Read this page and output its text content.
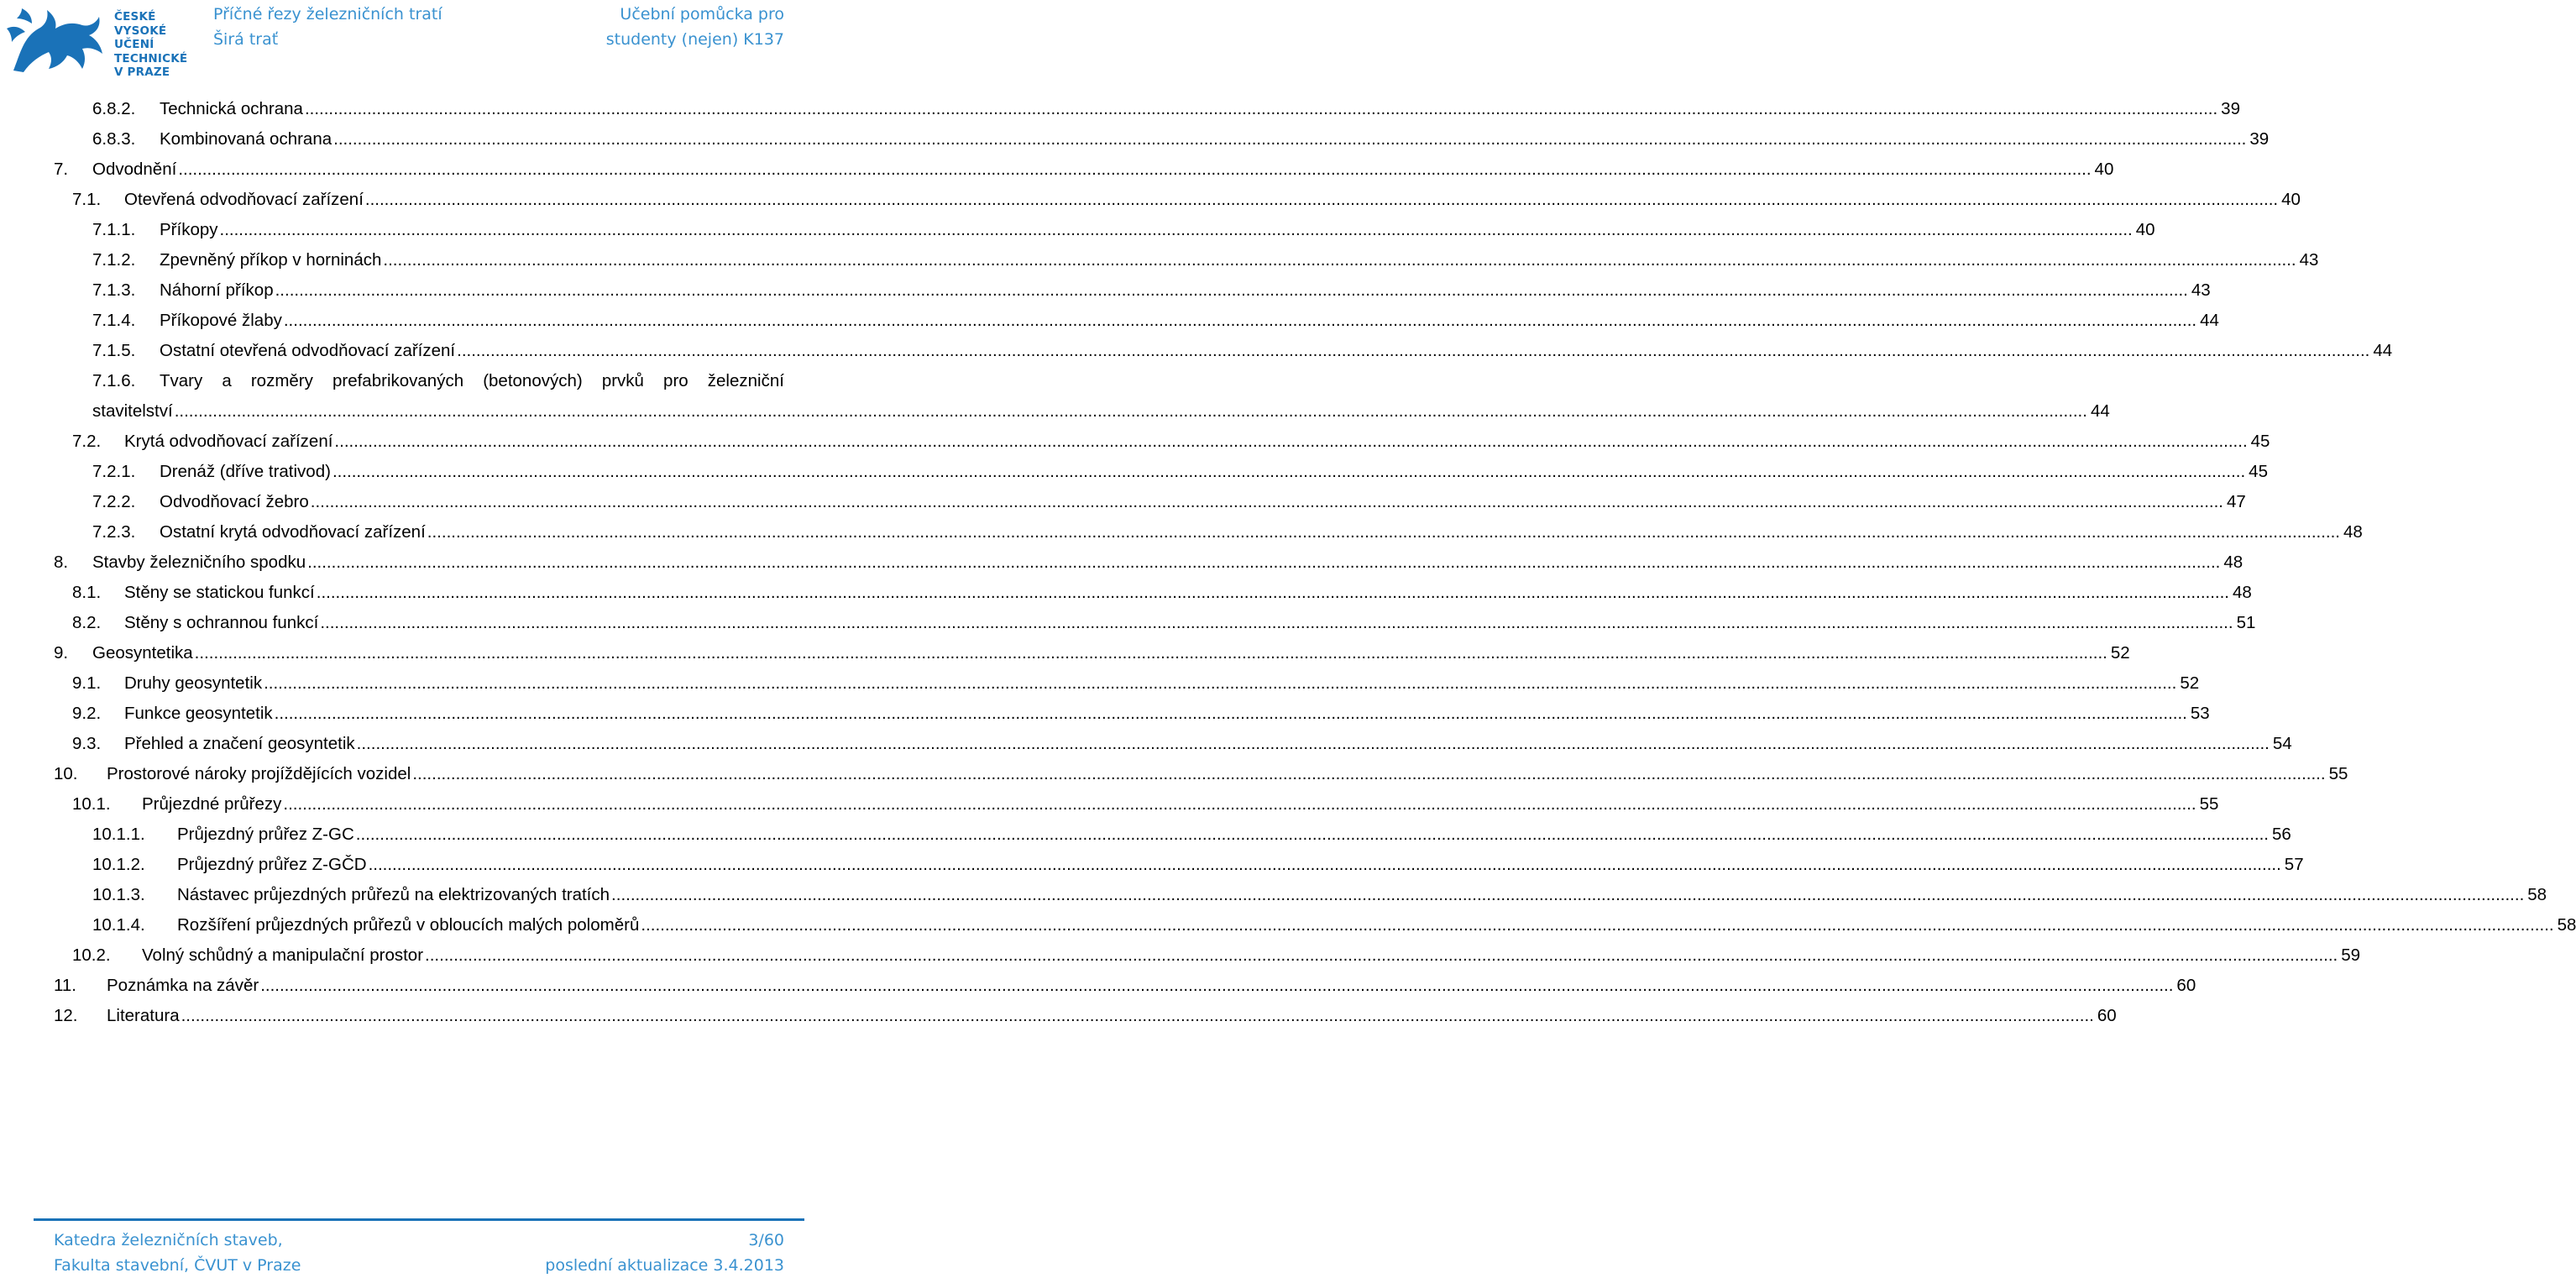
ČESKÉ
VYSOKÉ
UČENÍ
TECHNICKÉ
V PRAZE
Příčné řezy železničních tratí
Širá trať
Učební pomůcka pro
studenty (nejen) K137
6.8.2. Technická ochrana ................................................................................................................................................................................................................................................................................................................................................................................................................ 39
6.8.3. Kombinovaná ochrana ................................................................................................................................................................................................................................................................................................................................................................................................................ 39
7. Odvodnění ................................................................................................................................................................................................................................................................................................................................................................................................................ 40
7.1. Otevřená odvodňovací zařízení ................................................................................................................................................................................................................................................................................................................................................................................................................ 40
7.1.1. Příkopy ................................................................................................................................................................................................................................................................................................................................................................................................................ 40
7.1.2. Zpevněný příkop v horninách ................................................................................................................................................................................................................................................................................................................................................................................................................ 43
7.1.3. Náhorní příkop ................................................................................................................................................................................................................................................................................................................................................................................................................ 43
7.1.4. Příkopové žlaby ................................................................................................................................................................................................................................................................................................................................................................................................................ 44
7.1.5. Ostatní otevřená odvodňovací zařízení ................................................................................................................................................................................................................................................................................................................................................................................................................ 44
7.1.6. Tvary a rozměry prefabrikovaných (betonových) prvků pro železniční
stavitelství ................................................................................................................................................................................................................................................................................................................................................................................................................ 44
7.2. Krytá odvodňovací zařízení ................................................................................................................................................................................................................................................................................................................................................................................................................ 45
7.2.1. Drenáž (dříve trativod) ................................................................................................................................................................................................................................................................................................................................................................................................................ 45
7.2.2. Odvodňovací žebro ................................................................................................................................................................................................................................................................................................................................................................................................................ 47
7.2.3. Ostatní krytá odvodňovací zařízení ................................................................................................................................................................................................................................................................................................................................................................................................................ 48
8. Stavby železničního spodku ................................................................................................................................................................................................................................................................................................................................................................................................................ 48
8.1. Stěny se statickou funkcí ................................................................................................................................................................................................................................................................................................................................................................................................................ 48
8.2. Stěny s ochrannou funkcí ................................................................................................................................................................................................................................................................................................................................................................................................................ 51
9. Geosyntetika ................................................................................................................................................................................................................................................................................................................................................................................................................ 52
9.1. Druhy geosyntetik ................................................................................................................................................................................................................................................................................................................................................................................................................ 52
9.2. Funkce geosyntetik ................................................................................................................................................................................................................................................................................................................................................................................................................ 53
9.3. Přehled a značení geosyntetik ................................................................................................................................................................................................................................................................................................................................................................................................................ 54
10. Prostorové nároky projíždějících vozidel ................................................................................................................................................................................................................................................................................................................................................................................................................ 55
10.1. Průjezdné průřezy ................................................................................................................................................................................................................................................................................................................................................................................................................ 55
10.1.1. Průjezdný průřez Z-GC ................................................................................................................................................................................................................................................................................................................................................................................................................ 56
10.1.2. Průjezdný průřez Z-GČD ................................................................................................................................................................................................................................................................................................................................................................................................................ 57
10.1.3. Nástavec průjezdných průřezů na elektrizovaných tratích ................................................................................................................................................................................................................................................................................................................................................................................................................ 58
10.1.4. Rozšíření průjezdných průřezů v obloucích malých poloměrů ................................................................................................................................................................................................................................................................................................................................................................................................................ 58
10.2. Volný schůdný a manipulační prostor ................................................................................................................................................................................................................................................................................................................................................................................................................ 59
11. Poznámka na závěr ................................................................................................................................................................................................................................................................................................................................................................................................................ 60
12. Literatura ................................................................................................................................................................................................................................................................................................................................................................................................................ 60
Katedra železničních staveb,
Fakulta stavební, ČVUT v Praze
3/60
poslední aktualizace 3.4.2013
